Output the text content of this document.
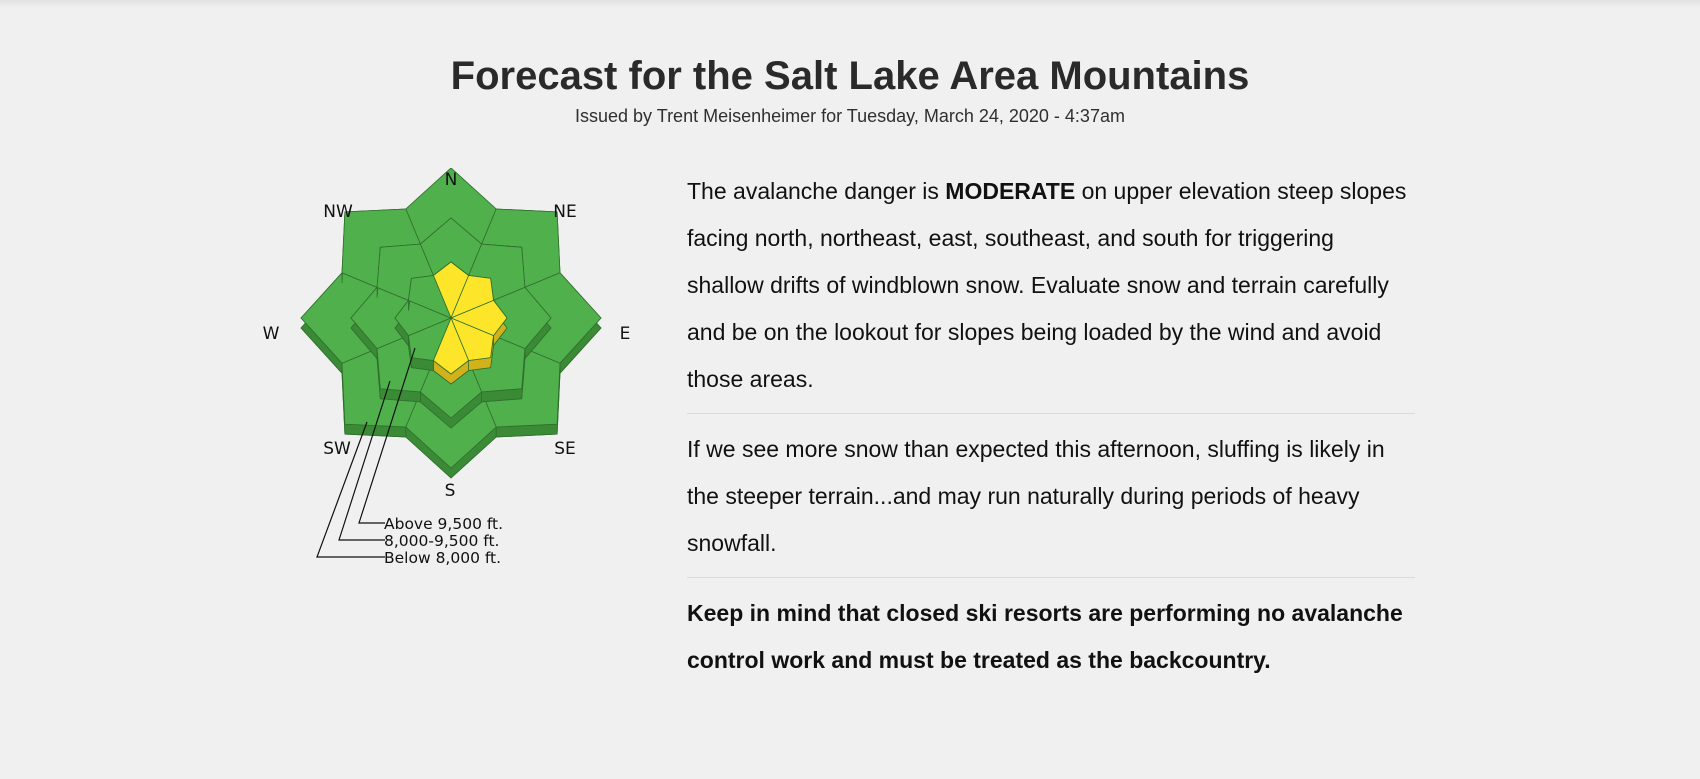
Forecast for the Salt Lake Area Mountains
Issued by Trent Meisenheimer for Tuesday, March 24, 2020 - 4:37am
Above 9,500 ft.
8,000-9,500 ft.
Below 8,000 ft.
N
NE
E
SE
S
SW
W
NW

The avalanche danger is MODERATE on upper elevation steep slopes facing north, northeast, east, southeast, and south for triggering shallow drifts of windblown snow. Evaluate snow and terrain carefully and be on the lookout for slopes being loaded by the wind and avoid those areas.

If we see more snow than expected this afternoon, sluffing is likely in the steeper terrain...and may run naturally during periods of heavy snowfall.

Keep in mind that closed ski resorts are performing no avalanche control work and must be treated as the backcountry.
